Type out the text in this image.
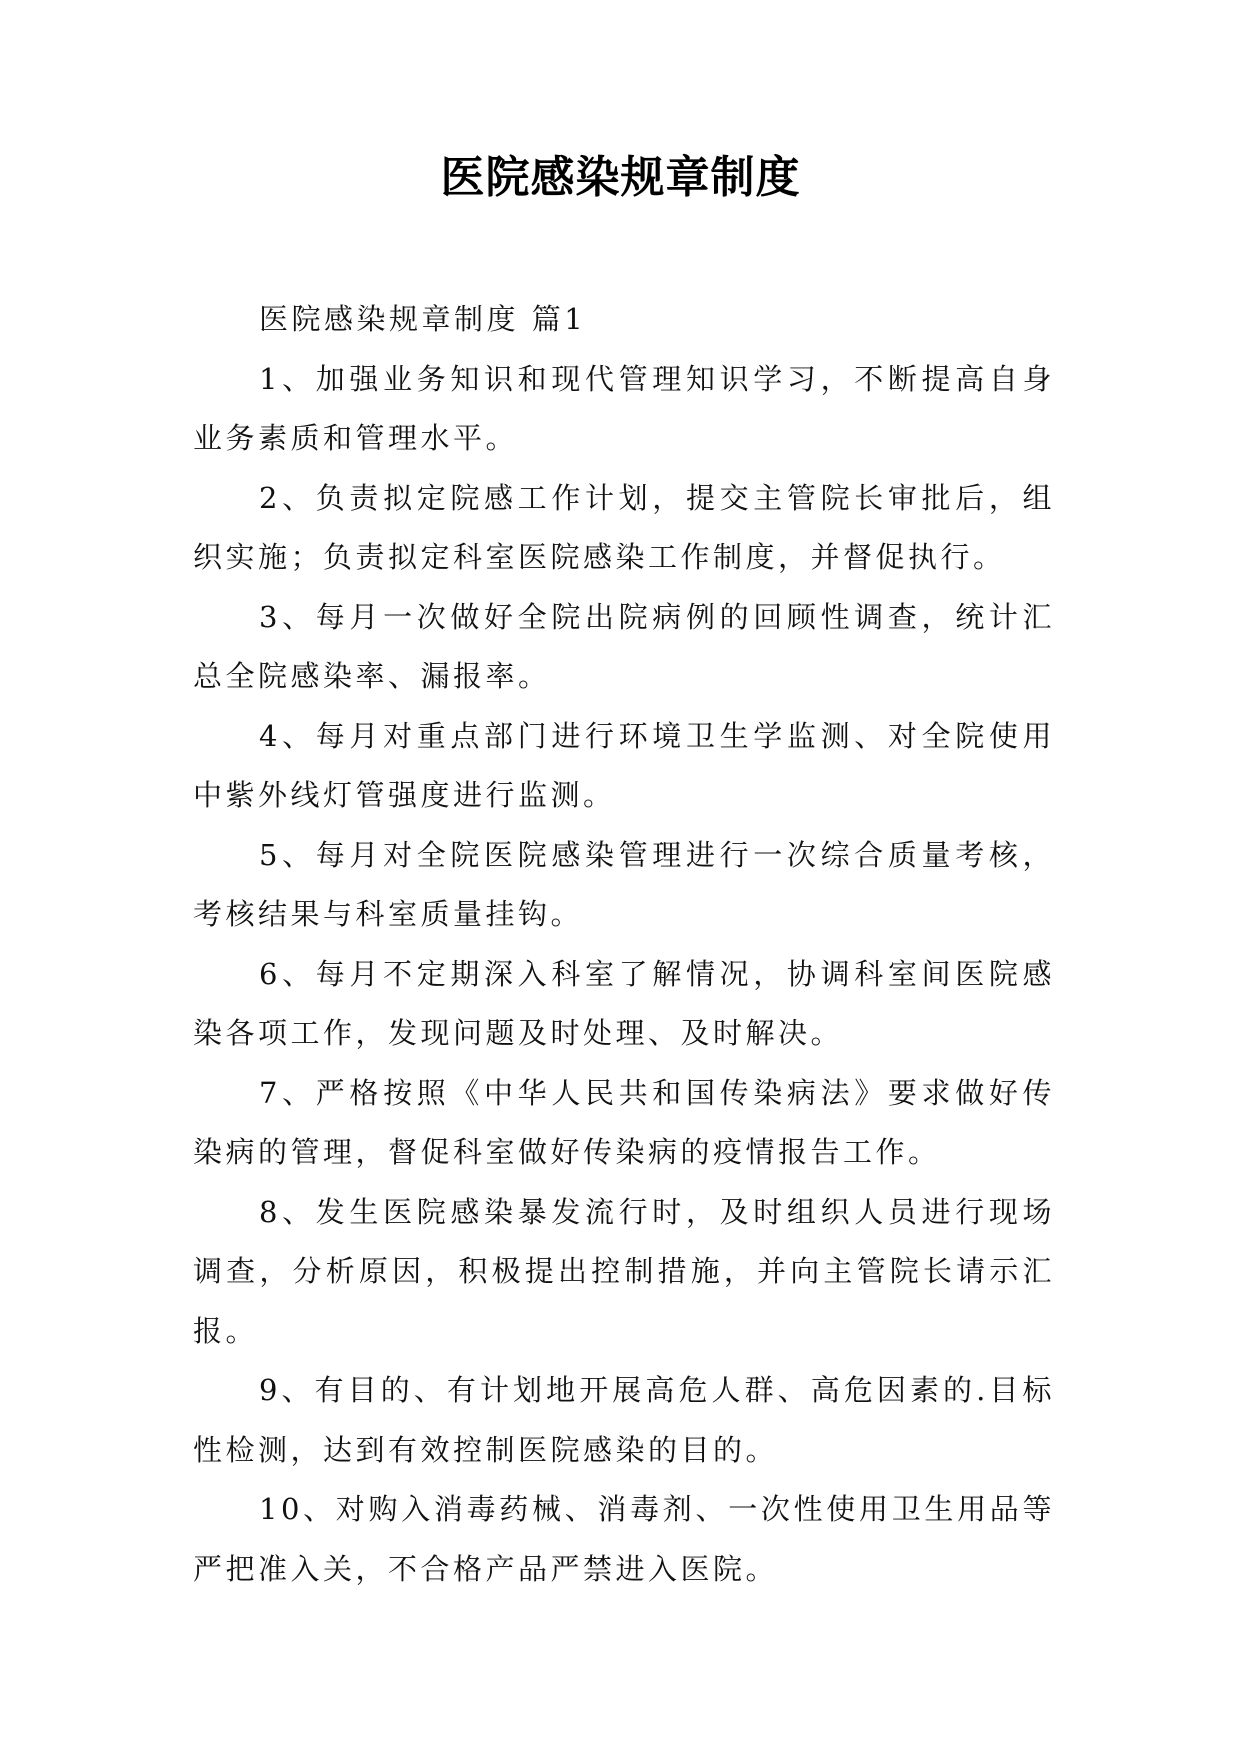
医院感染规章制度

医院感染规章制度 篇1

1、加强业务知识和现代管理知识学习，不断提高自身业务素质和管理水平。

2、负责拟定院感工作计划，提交主管院长审批后，组织实施；负责拟定科室医院感染工作制度，并督促执行。

3、每月一次做好全院出院病例的回顾性调查，统计汇总全院感染率、漏报率。

4、每月对重点部门进行环境卫生学监测、对全院使用中紫外线灯管强度进行监测。

5、每月对全院医院感染管理进行一次综合质量考核，考核结果与科室质量挂钩。

6、每月不定期深入科室了解情况，协调科室间医院感染各项工作，发现问题及时处理、及时解决。

7、严格按照《中华人民共和国传染病法》要求做好传染病的管理，督促科室做好传染病的疫情报告工作。

8、发生医院感染暴发流行时，及时组织人员进行现场调查，分析原因，积极提出控制措施，并向主管院长请示汇报。

9、有目的、有计划地开展高危人群、高危因素的.目标性检测，达到有效控制医院感染的目的。

10、对购入消毒药械、消毒剂、一次性使用卫生用品等严把准入关，不合格产品严禁进入医院。
